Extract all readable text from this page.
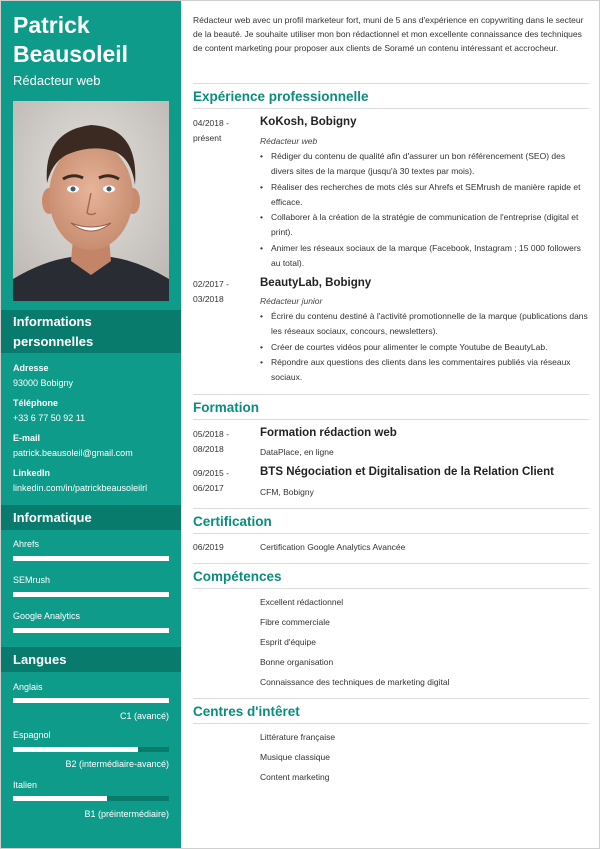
Patrick
Beausoleil
Rédacteur web
Informations
personnelles
Adresse
93000 Bobigny
Téléphone
+33 6 77 50 92 11
E-mail
patrick.beausoleil@gmail.com
LinkedIn
linkedin.com/in/patrickbeausoleilrl
Informatique
Ahrefs
SEMrush
Google Analytics
Langues
Anglais
C1 (avancé)
Espagnol
B2 (intermédiaire-avancé)
Italien
B1 (préintermédiaire)
Rédacteur web avec un profil marketeur fort, muni de 5 ans d'expérience en copywriting dans le secteur de la beauté. Je souhaite utiliser mon bon rédactionnel et mon excellente connaissance des techniques de content marketing pour proposer aux clients de Soramé un contenu intéressant et accrocheur.
Expérience professionnelle
04/2018 -
présent
KoKosh, Bobigny
Rédacteur web
• Rédiger du contenu de qualité afin d'assurer un bon référencement (SEO) des divers sites de la marque (jusqu'à 30 textes par mois).
• Réaliser des recherches de mots clés sur Ahrefs et SEMrush de manière rapide et efficace.
• Collaborer à la création de la stratégie de communication de l'entreprise (digital et print).
• Animer les réseaux sociaux de la marque (Facebook, Instagram ; 15 000 followers au total).
02/2017 -
03/2018
BeautyLab, Bobigny
Rédacteur junior
• Écrire du contenu destiné à l'activité promotionnelle de la marque (publications dans les réseaux sociaux, concours, newsletters).
• Créer de courtes vidéos pour alimenter le compte Youtube de BeautyLab.
• Répondre aux questions des clients dans les commentaires publiés via réseaux sociaux.
Formation
05/2018 -
08/2018
Formation rédaction web
DataPlace, en ligne
09/2015 -
06/2017
BTS Négociation et Digitalisation de la Relation Client
CFM, Bobigny
Certification
06/2019	Certification Google Analytics Avancée
Compétences
Excellent rédactionnel
Fibre commerciale
Esprit d'équipe
Bonne organisation
Connaissance des techniques de marketing digital
Centres d'intêret
Littérature française
Musique classique
Content marketing
